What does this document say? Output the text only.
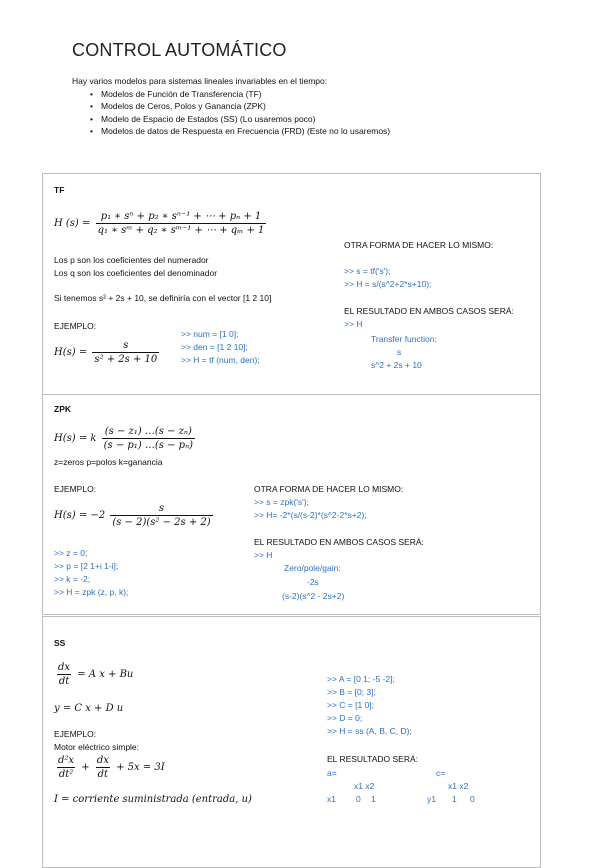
CONTROL AUTOMÁTICO
Hay varios modelos para sistemas lineales invariables en el tiempo:
• Modelos de Función de Transferencia (TF)
• Modelos de Ceros, Polos y Ganancia (ZPK)
• Modelo de Espacio de Estados (SS) (Lo usaremos poco)
• Modelos de datos de Respuesta en Frecuencia (FRD) (Este no lo usaremos)
TF
H $(s) = \frac{\text{p₁ ∗ sⁿ + p₂ ∗ sⁿ⁻¹ + ⋯ + pₙ + 1}}{\text{q₁ ∗ sᵐ + q₂ ∗ sᵐ⁻¹ + ⋯ + qₘ + 1}}$
Los p son los coeficientes del numerador
Los q son los coeficientes del denominador
Si tenemos s² + 2s + 10, se definiría con el vector [1 2 10]
EJEMPLO:
$H(s) = \frac{s}{\text{s² + 2s + 10}}$
>> num = [1 0];
>> den = [1 2 10];
>> H = tf (num, den);
OTRA FORMA DE HACER LO MISMO:
>> s = tf('s');
>> H = s/(s^2+2*s+10);
EL RESULTADO EN AMBOS CASOS SERÁ:
>> H
Transfer function:
s
s^2 + 2s + 10
ZPK
H(s) = k $\frac{\text{(s − z₁) …(s − zₙ)}}{\text{(s − p₁) …(s − pₙ)}}$
z=zeros p=polos k=ganancia
EJEMPLO:
$H(s) = -2 \frac{s}{\text{(s − 2)(s² − 2s + 2)}}$
>> z = 0;
>> p = [2 1+i 1-i];
>> k = -2;
>> H = zpk (z, p, k);
OTRA FORMA DE HACER LO MISMO:
>> s = zpk('s');
>> H= -2*(s/(s-2)*(s^2-2*s+2);
EL RESULTADO EN AMBOS CASOS SERÁ:
>> H
Zero/pole/gain:
-2s
(s-2)(s^2 - 2s+2)
SS
$\frac{dx}{dt} = A$ x + Bu
y = C x + D u
EJEMPLO:
Motor eléctrico simple:
$\frac{\text{d²x}}{\text{dt²}} + \frac{dx}{dt} + 5x = 3I$
I = corriente suministrada (entrada, u)
>> A = [0 1; -5 -2];
>> B = [0; 3];
>> C = [1 0];
>> D = 0;
>> H = ss (A, B, C, D);
EL RESULTADO SERÁ:
a=
x1 x2
x1 0 1
c=
x1 x2
y1 1 0
